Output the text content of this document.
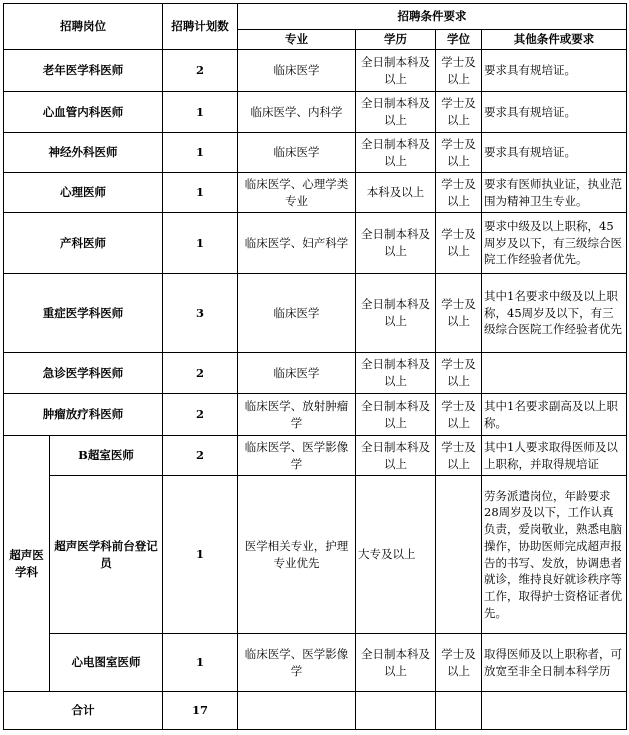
招聘岗位		招聘计划数	招聘条件要求			
			专业	学历	学位	其他条件或要求
老年医学科医师		2	临床医学	全日制本科及以上	学士及以上	要求具有规培证。
心血管内科医师		1	临床医学、内科学	全日制本科及以上	学士及以上	要求具有规培证。
神经外科医师		1	临床医学	全日制本科及以上	学士及以上	要求具有规培证。
心理医师		1	临床医学、心理学类专业	本科及以上	学士及以上	要求有医师执业证，执业范围为精神卫生专业。
产科医师		1	临床医学、妇产科学	全日制本科及以上	学士及以上	要求中级及以上职称，45周岁及以下，有三级综合医院工作经验者优先。
重症医学科医师		3	临床医学	全日制本科及以上	学士及以上	其中1名要求中级及以上职称，45周岁及以下，有三级综合医院工作经验者优先
急诊医学科医师		2	临床医学	全日制本科及以上	学士及以上	
肿瘤放疗科医师		2	临床医学、放射肿瘤学	全日制本科及以上	学士及以上	其中1名要求副高及以上职称。
超声医学科	B超室医师	2	临床医学、医学影像学	全日制本科及以上	学士及以上	其中1人要求取得医师及以上职称，并取得规培证
	超声医学科前台登记员	1	医学相关专业，护理专业优先	大专及以上		劳务派遣岗位，年龄要求28周岁及以下，工作认真负责，爱岗敬业，熟悉电脑操作，协助医师完成超声报告的书写、发放，协调患者就诊，维持良好就诊秩序等工作，取得护士资格证者优先。
	心电图室医师	1	临床医学、医学影像学	全日制本科及以上	学士及以上	取得医师及以上职称者，可放宽至非全日制本科学历
合计		17				
